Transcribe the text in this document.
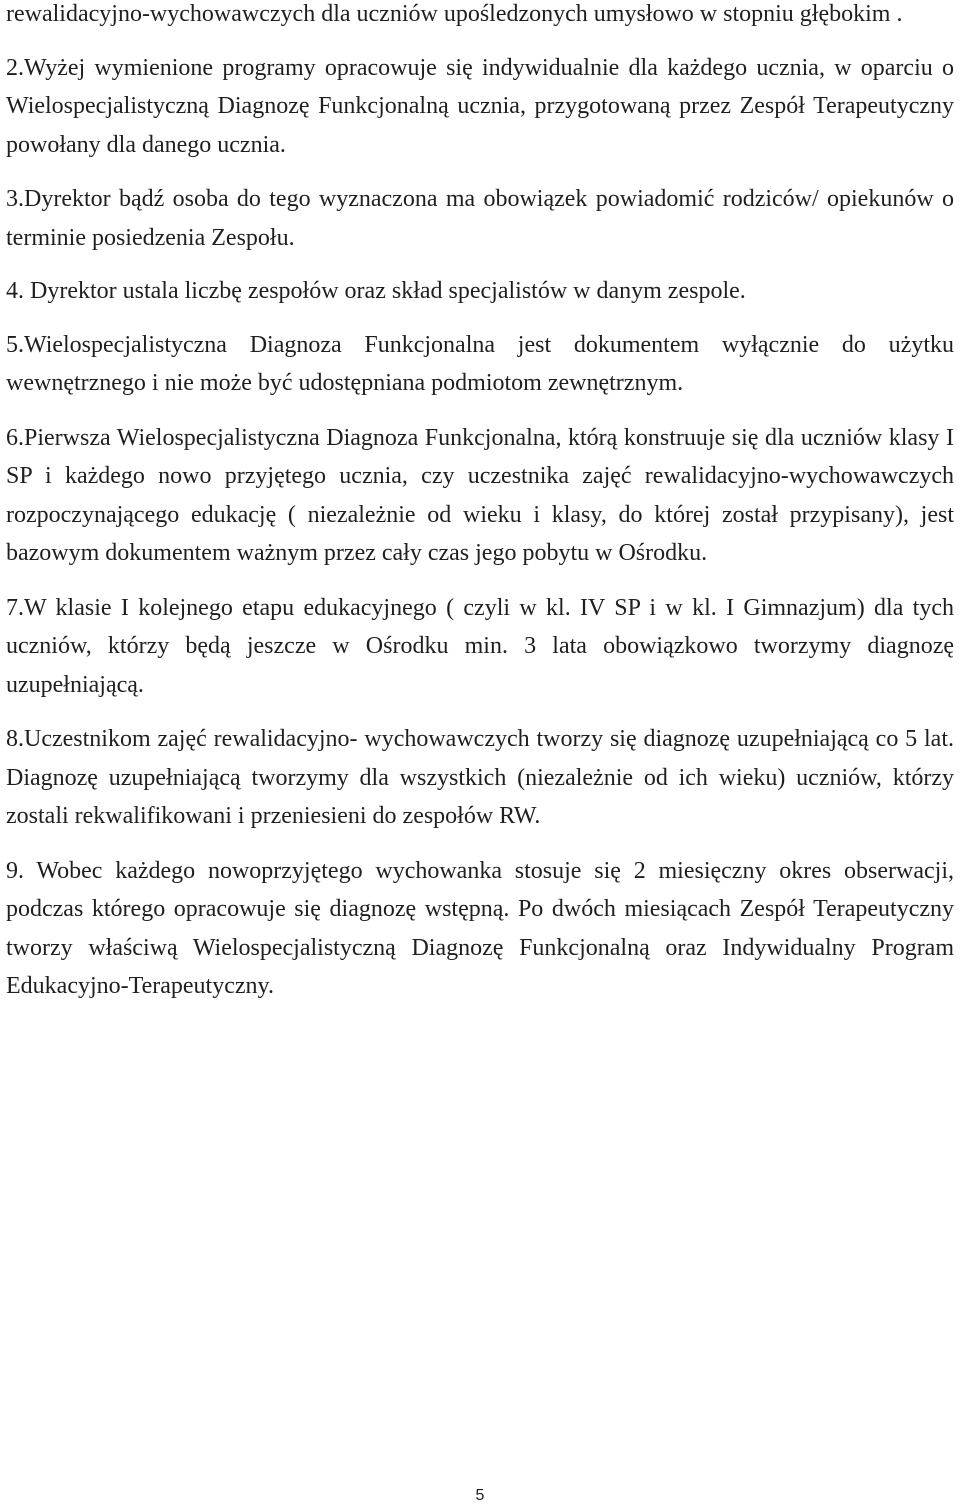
rewalidacyjno-wychowawczych dla uczniów upośledzonych umysłowo w stopniu głębokim .

2.Wyżej wymienione programy opracowuje się indywidualnie dla każdego ucznia, w oparciu o Wielospecjalistyczną Diagnozę Funkcjonalną ucznia, przygotowaną przez Zespół Terapeutyczny powołany dla danego ucznia.

3.Dyrektor bądź osoba do tego wyznaczona ma obowiązek powiadomić rodziców/ opiekunów o terminie posiedzenia Zespołu.

4. Dyrektor ustala liczbę zespołów oraz skład specjalistów w danym zespole.

5.Wielospecjalistyczna Diagnoza Funkcjonalna jest dokumentem wyłącznie do użytku wewnętrznego i nie może być udostępniana podmiotom zewnętrznym.

6.Pierwsza Wielospecjalistyczna Diagnoza Funkcjonalna, którą konstruuje się dla uczniów klasy I SP i każdego nowo przyjętego ucznia, czy uczestnika zajęć rewalidacyjno-wychowawczych rozpoczynającego edukację ( niezależnie od wieku i klasy, do której został przypisany), jest bazowym dokumentem ważnym przez cały czas jego pobytu w Ośrodku.

7.W klasie I kolejnego etapu edukacyjnego ( czyli w kl. IV SP i w kl. I Gimnazjum) dla tych uczniów, którzy będą jeszcze w Ośrodku min. 3 lata obowiązkowo tworzymy diagnozę uzupełniającą.

8.Uczestnikom zajęć rewalidacyjno- wychowawczych tworzy się diagnozę uzupełniającą co 5 lat. Diagnozę uzupełniającą tworzymy dla wszystkich (niezależnie od ich wieku) uczniów, którzy zostali rekwalifikowani i przeniesieni do zespołów RW.

9. Wobec każdego nowoprzyjętego wychowanka stosuje się 2 miesięczny okres obserwacji, podczas którego opracowuje się diagnozę wstępną. Po dwóch miesiącach Zespół Terapeutyczny tworzy właściwą Wielospecjalistyczną Diagnozę Funkcjonalną oraz Indywidualny Program Edukacyjno-Terapeutyczny.

5
